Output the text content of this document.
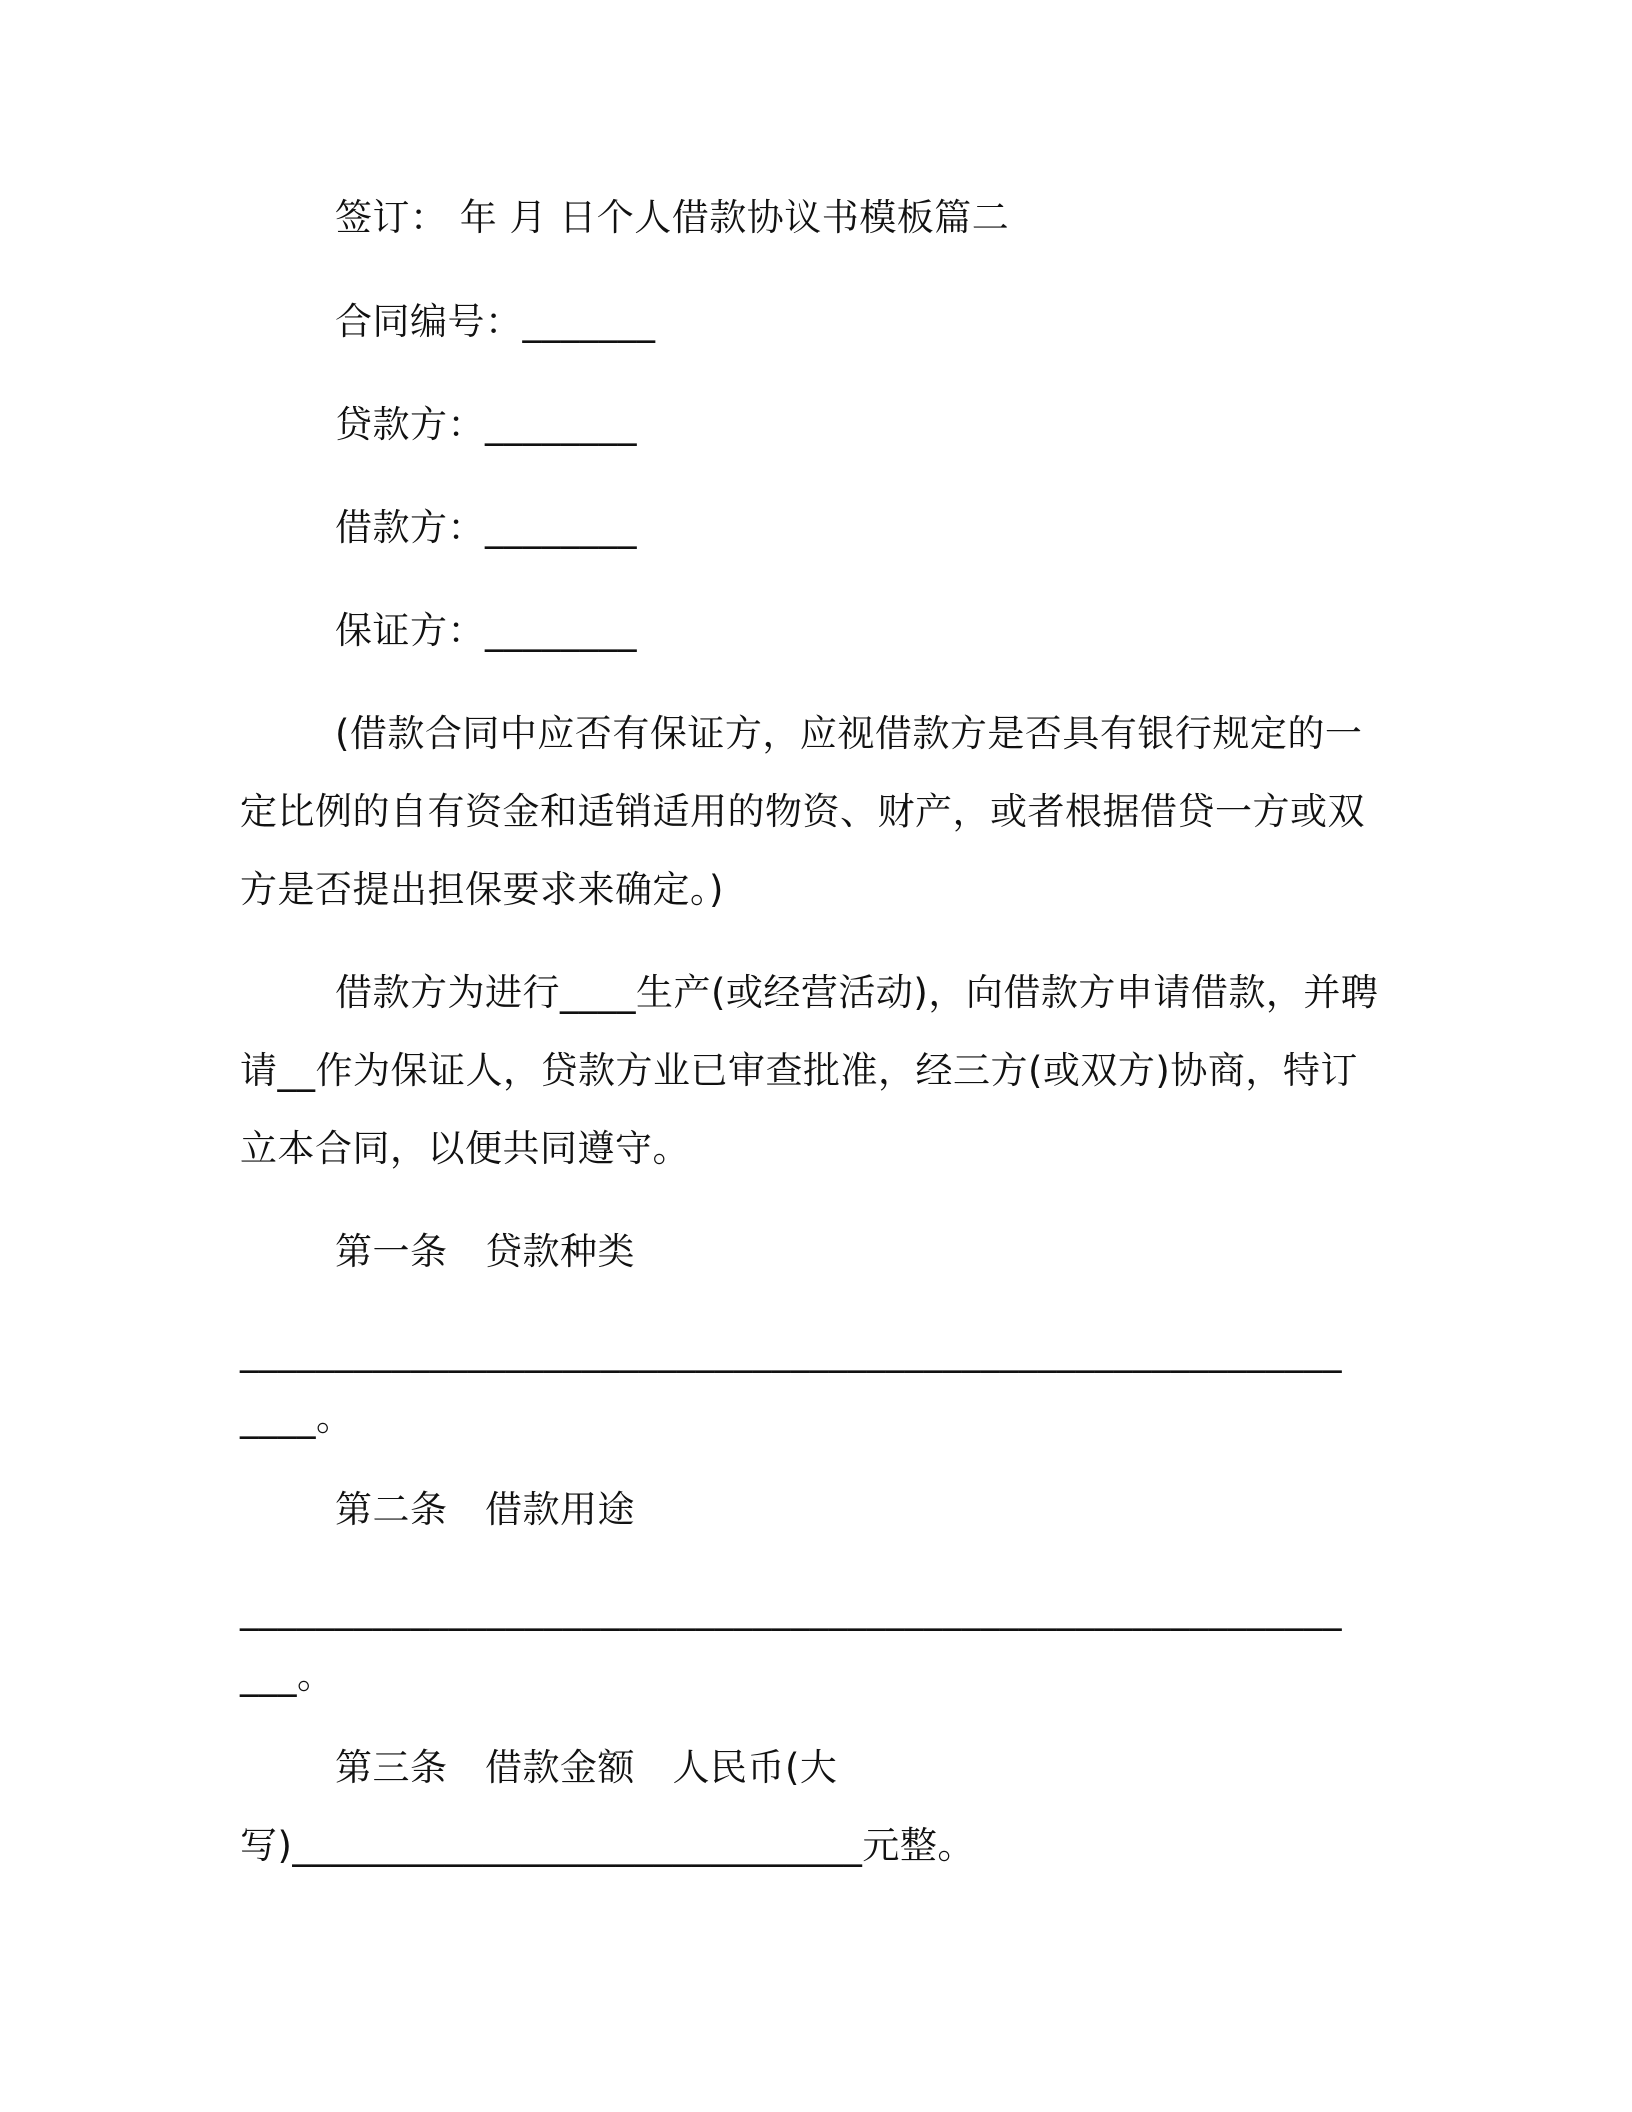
签订： 年 月 日个人借款协议书模板篇二
合同编号：_______
贷款方：________
借款方：________
保证方：________
(借款合同中应否有保证方，应视借款方是否具有银行规定的一
定比例的自有资金和适销适用的物资、财产，或者根据借贷一方或双
方是否提出担保要求来确定。)
借款方为进行____生产(或经营活动)，向借款方申请借款，并聘
请__作为保证人，贷款方业已审查批准，经三方(或双方)协商，特订
立本合同，以便共同遵守。
第一条　贷款种类
__________________________________________________________
____。
第二条　借款用途
__________________________________________________________
___。
第三条　借款金额　人民币(大
写)______________________________元整。
